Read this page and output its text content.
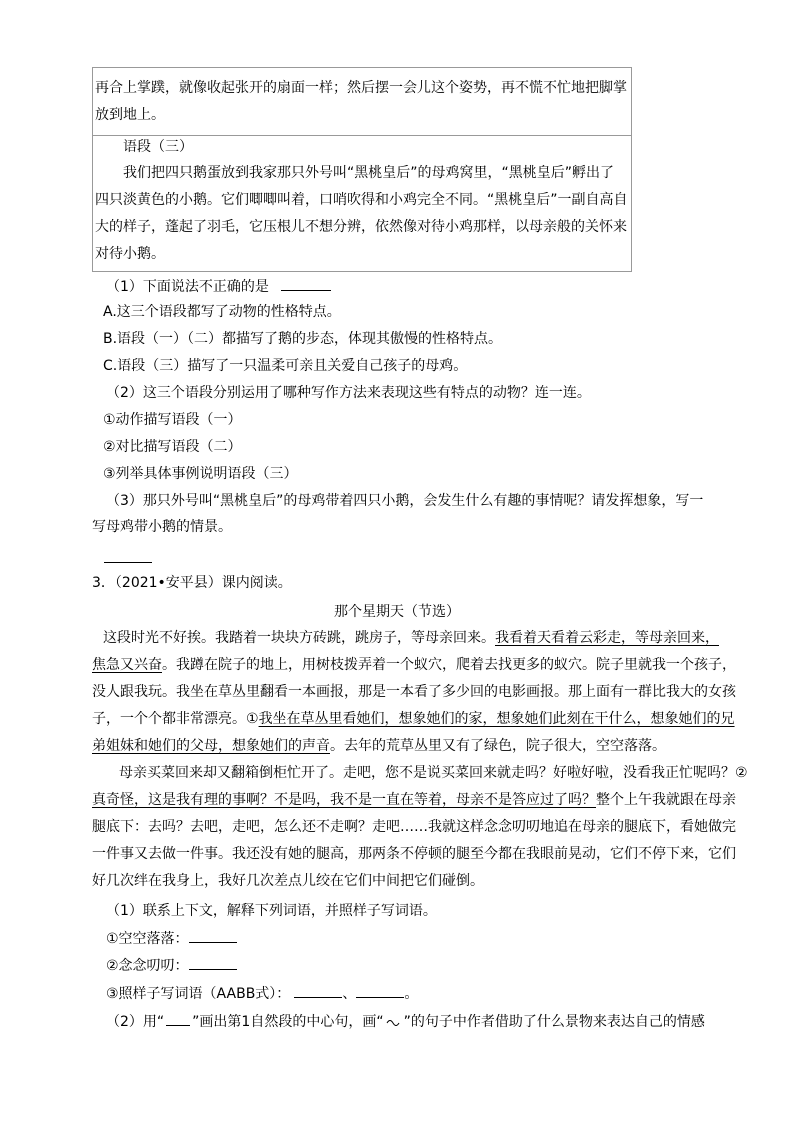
再合上掌蹼，就像收起张开的扇面一样；然后摆一会儿这个姿势，再不慌不忙地把脚掌
放到地上。
语段（三）
我们把四只鹅蛋放到我家那只外号叫“黑桃皇后”的母鸡窝里，“黑桃皇后”孵出了
四只淡黄色的小鹅。它们唧唧叫着，口哨吹得和小鸡完全不同。“黑桃皇后”一副自高自
大的样子，蓬起了羽毛，它压根儿不想分辨，依然像对待小鸡那样，以母亲般的关怀来
对待小鹅。
（1）下面说法不正确的是
A.这三个语段都写了动物的性格特点。
B.语段（一）（二）都描写了鹅的步态，体现其傲慢的性格特点。
C.语段（三）描写了一只温柔可亲且关爱自己孩子的母鸡。
（2）这三个语段分别运用了哪种写作方法来表现这些有特点的动物？连一连。
①动作描写语段（一）
②对比描写语段（二）
③列举具体事例说明语段（三）
（3）那只外号叫“黑桃皇后”的母鸡带着四只小鹅，会发生什么有趣的事情呢？请发挥想象，写一
写母鸡带小鹅的情景。
3．（2021•安平县）课内阅读。
那个星期天（节选）
这段时光不好挨。我踏着一块块方砖跳，跳房子，等母亲回来。我看着天看着云彩走，等母亲回来，
焦急又兴奋。我蹲在院子的地上，用树枝拨弄着一个蚁穴，爬着去找更多的蚁穴。院子里就我一个孩子，
没人跟我玩。我坐在草丛里翻看一本画报，那是一本看了多少回的电影画报。那上面有一群比我大的女孩
子，一个个都非常漂亮。①我坐在草丛里看她们，想象她们的家，想象她们此刻在干什么，想象她们的兄
弟姐妹和她们的父母，想象她们的声音。去年的荒草丛里又有了绿色，院子很大，空空落落。
母亲买菜回来却又翻箱倒柜忙开了。走吧，您不是说买菜回来就走吗？好啦好啦，没看我正忙呢吗？②
真奇怪，这是我有理的事啊？不是吗，我不是一直在等着，母亲不是答应过了吗？整个上午我就跟在母亲
腿底下：去吗？去吧，走吧，怎么还不走啊？走吧……我就这样念念叨叨地追在母亲的腿底下，看她做完
一件事又去做一件事。我还没有她的腿高，那两条不停顿的腿至今都在我眼前晃动，它们不停下来，它们
好几次绊在我身上，我好几次差点儿绞在它们中间把它们碰倒。
（1）联系上下文，解释下列词语，并照样子写词语。
①空空落落：
②念念叨叨：
③照样子写词语（AABB式）：	、	。
（2）用“ ”画出第1自然段的中心句，画“ ”的句子中作者借助了什么景物来表达自己的情感
